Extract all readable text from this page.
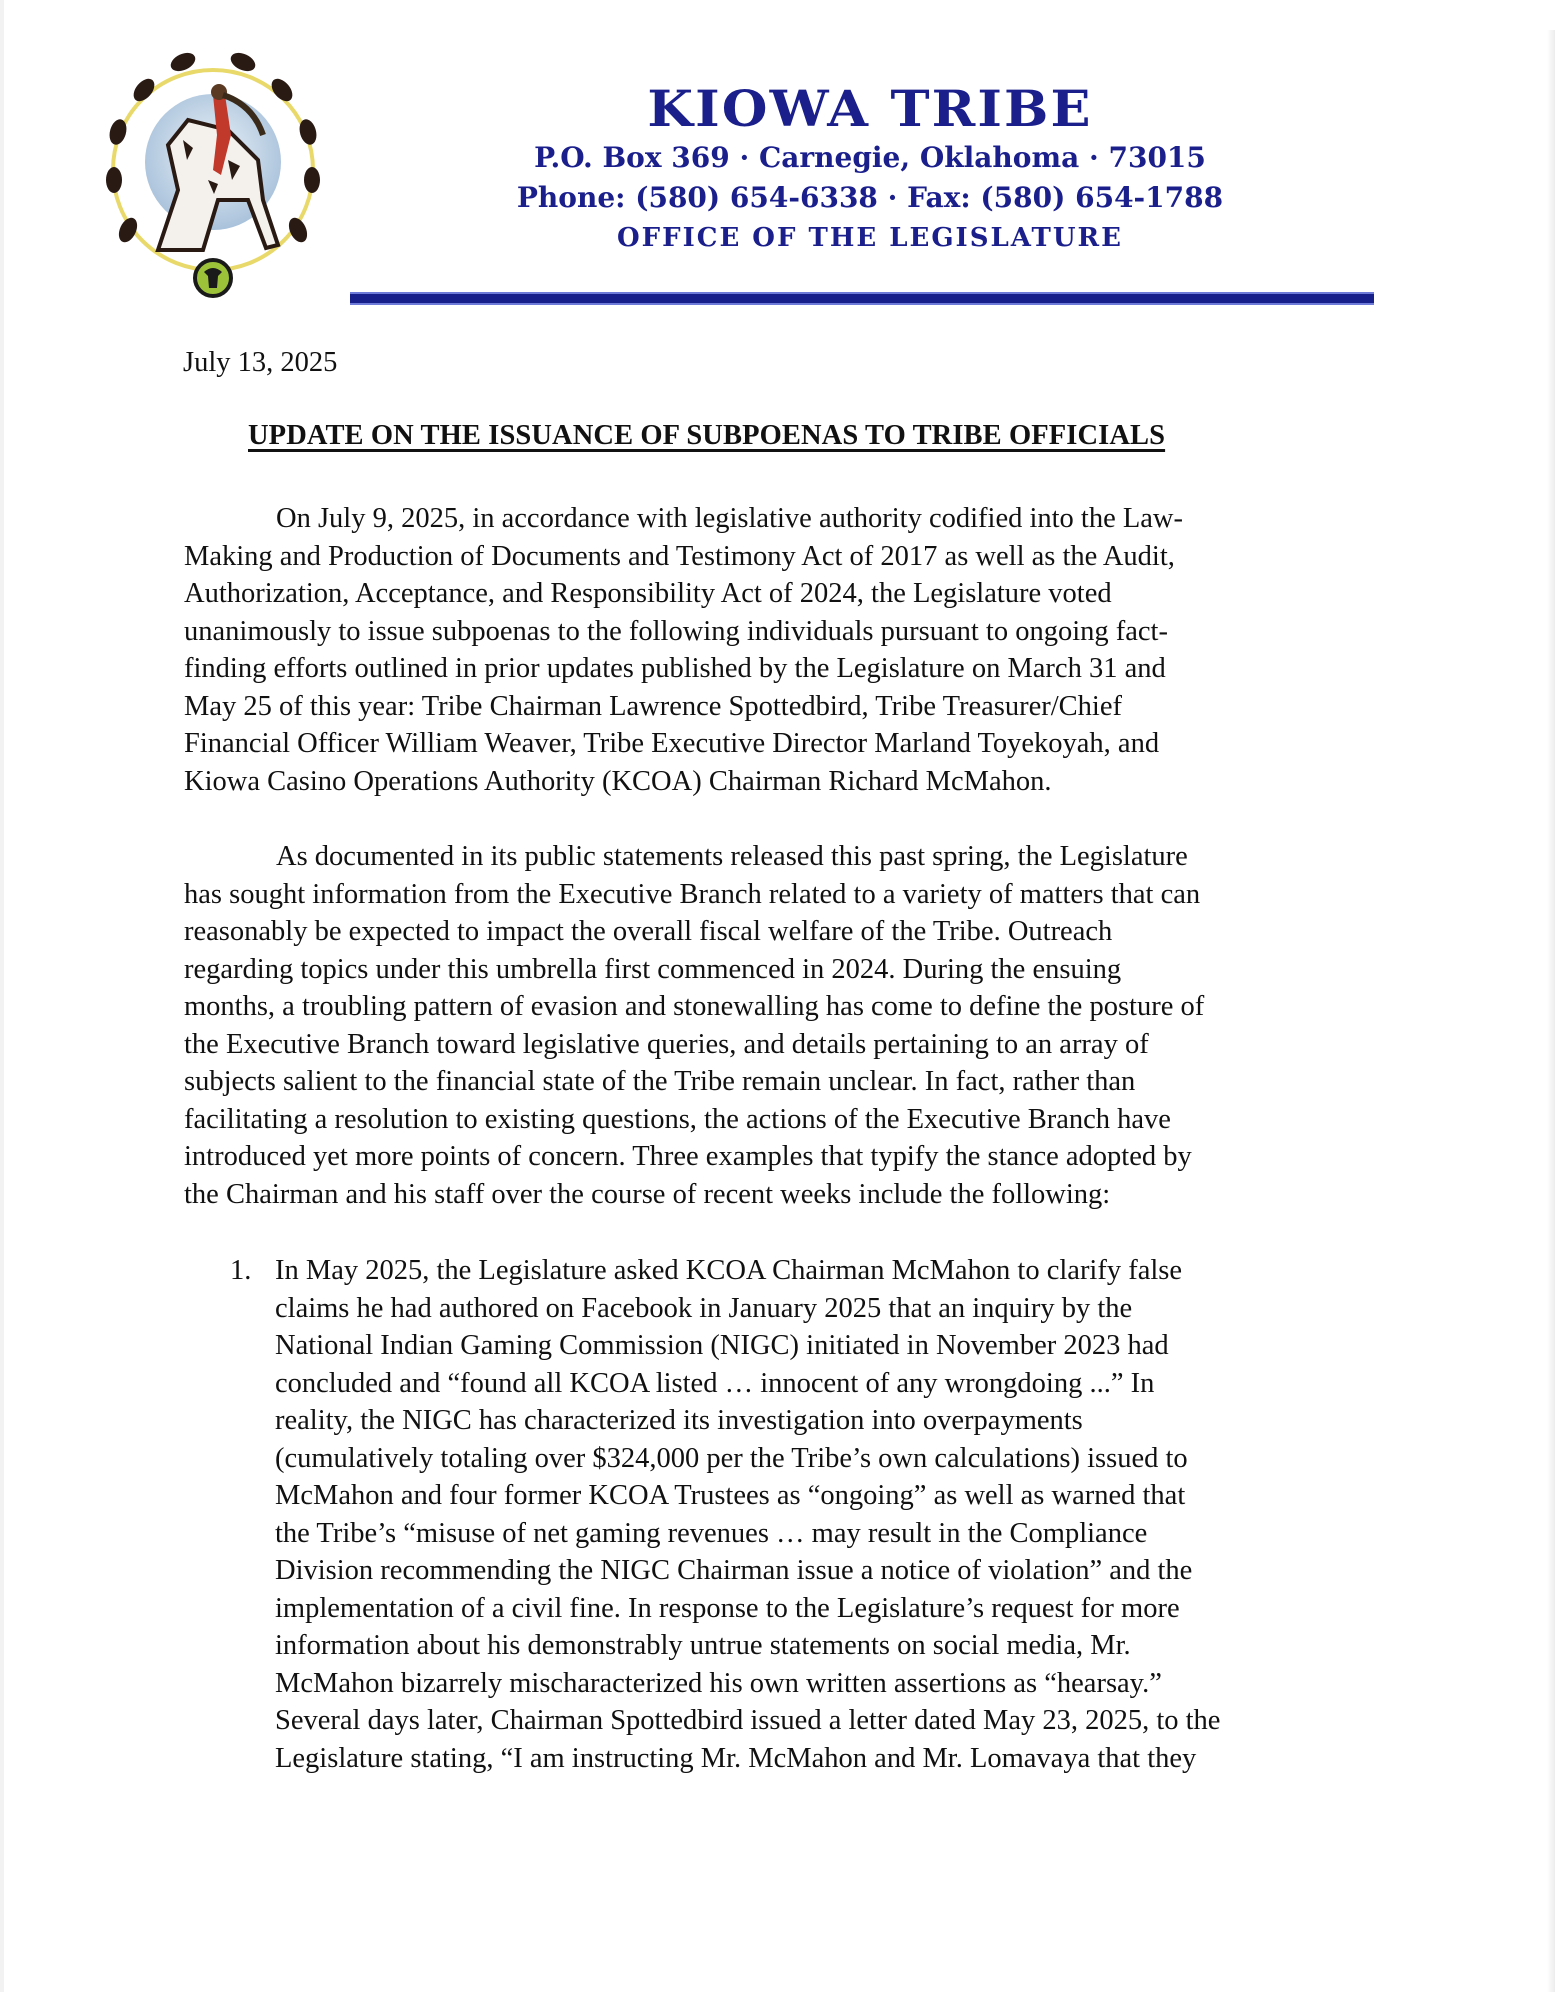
KIOWA TRIBE
P.O. Box 369 · Carnegie, Oklahoma · 73015
Phone: (580) 654-6338 · Fax: (580) 654-1788
OFFICE OF THE LEGISLATURE
July 13, 2025
UPDATE ON THE ISSUANCE OF SUBPOENAS TO TRIBE OFFICIALS
On July 9, 2025, in accordance with legislative authority codified into the Law-
Making and Production of Documents and Testimony Act of 2017 as well as the Audit,
Authorization, Acceptance, and Responsibility Act of 2024, the Legislature voted
unanimously to issue subpoenas to the following individuals pursuant to ongoing fact-
finding efforts outlined in prior updates published by the Legislature on March 31 and
May 25 of this year: Tribe Chairman Lawrence Spottedbird, Tribe Treasurer/Chief
Financial Officer William Weaver, Tribe Executive Director Marland Toyekoyah, and
Kiowa Casino Operations Authority (KCOA) Chairman Richard McMahon.
As documented in its public statements released this past spring, the Legislature
has sought information from the Executive Branch related to a variety of matters that can
reasonably be expected to impact the overall fiscal welfare of the Tribe. Outreach
regarding topics under this umbrella first commenced in 2024. During the ensuing
months, a troubling pattern of evasion and stonewalling has come to define the posture of
the Executive Branch toward legislative queries, and details pertaining to an array of
subjects salient to the financial state of the Tribe remain unclear. In fact, rather than
facilitating a resolution to existing questions, the actions of the Executive Branch have
introduced yet more points of concern. Three examples that typify the stance adopted by
the Chairman and his staff over the course of recent weeks include the following:
1. In May 2025, the Legislature asked KCOA Chairman McMahon to clarify false
claims he had authored on Facebook in January 2025 that an inquiry by the
National Indian Gaming Commission (NIGC) initiated in November 2023 had
concluded and “found all KCOA listed … innocent of any wrongdoing ...” In
reality, the NIGC has characterized its investigation into overpayments
(cumulatively totaling over $324,000 per the Tribe’s own calculations) issued to
McMahon and four former KCOA Trustees as “ongoing” as well as warned that
the Tribe’s “misuse of net gaming revenues … may result in the Compliance
Division recommending the NIGC Chairman issue a notice of violation” and the
implementation of a civil fine. In response to the Legislature’s request for more
information about his demonstrably untrue statements on social media, Mr.
McMahon bizarrely mischaracterized his own written assertions as “hearsay.”
Several days later, Chairman Spottedbird issued a letter dated May 23, 2025, to the
Legislature stating, “I am instructing Mr. McMahon and Mr. Lomavaya that they
